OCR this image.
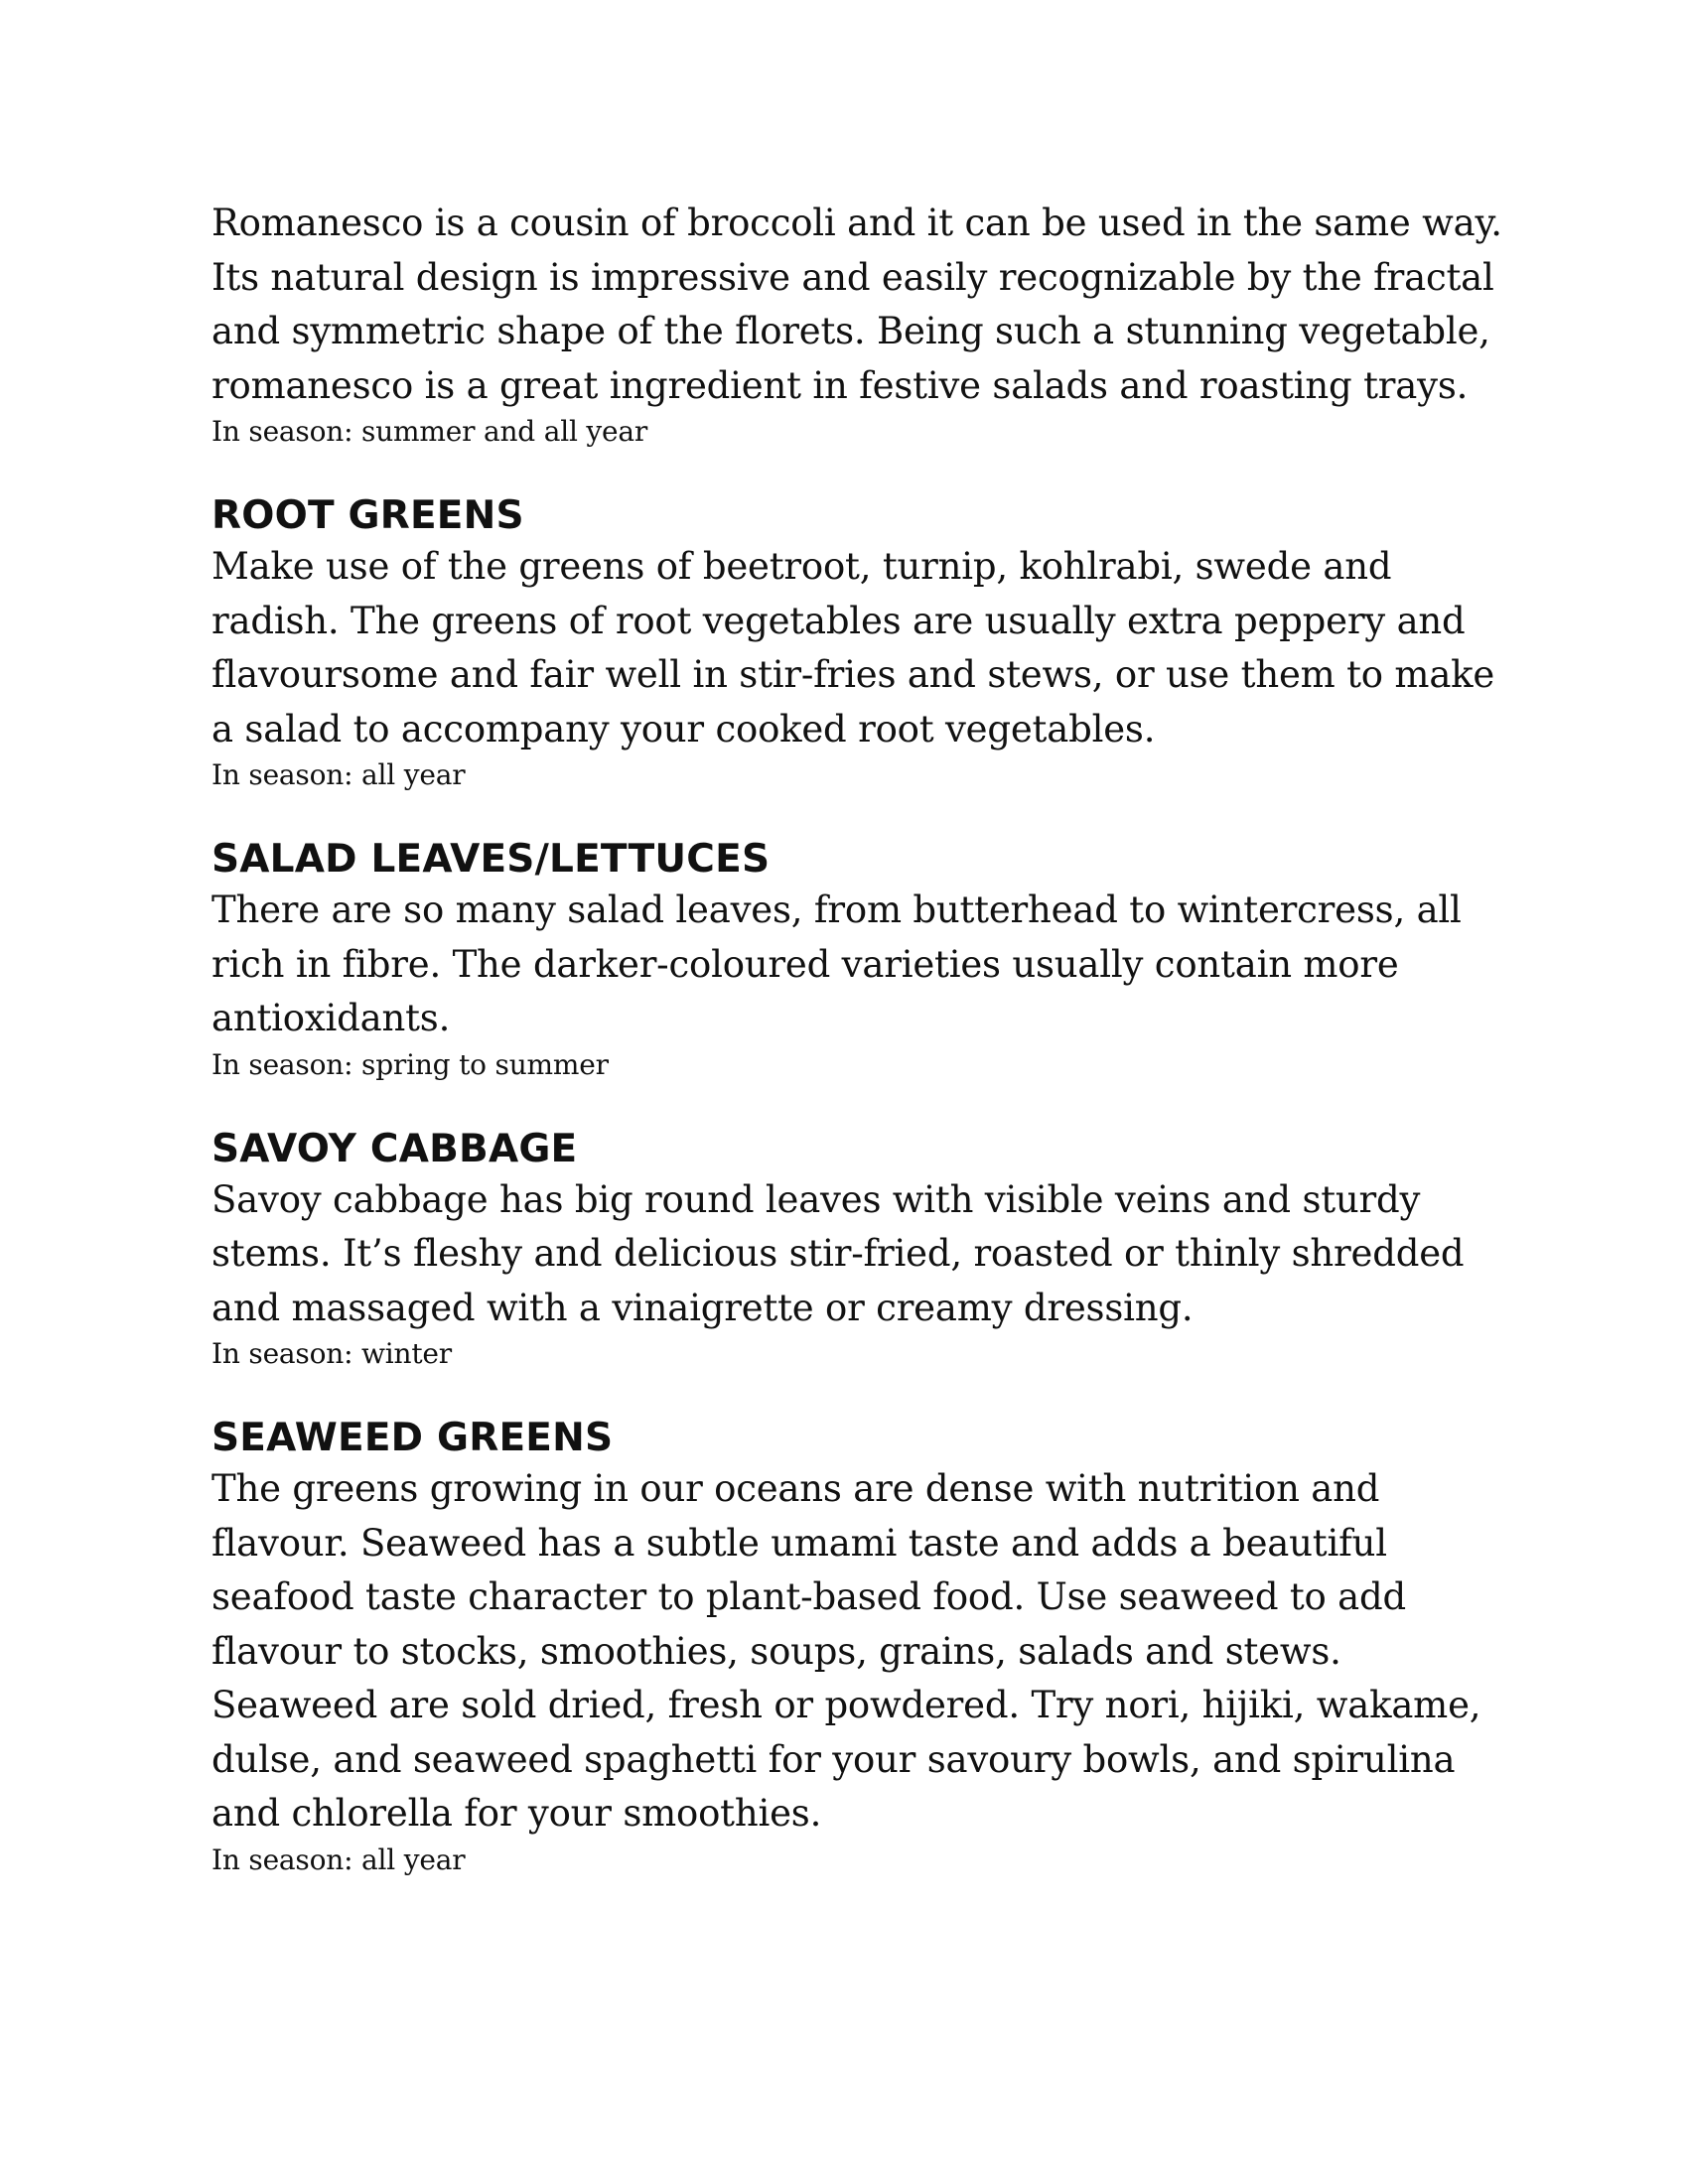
Romanesco is a cousin of broccoli and it can be used in the same way. Its natural design is impressive and easily recognizable by the fractal and symmetric shape of the florets. Being such a stunning vegetable, romanesco is a great ingredient in festive salads and roasting trays.

In season: summer and all year

ROOT GREENS

Make use of the greens of beetroot, turnip, kohlrabi, swede and radish. The greens of root vegetables are usually extra peppery and flavoursome and fair well in stir-fries and stews, or use them to make a salad to accompany your cooked root vegetables.

In season: all year

SALAD LEAVES/LETTUCES

There are so many salad leaves, from butterhead to wintercress, all rich in fibre. The darker-coloured varieties usually contain more antioxidants.

In season: spring to summer

SAVOY CABBAGE

Savoy cabbage has big round leaves with visible veins and sturdy stems. It’s fleshy and delicious stir-fried, roasted or thinly shredded and massaged with a vinaigrette or creamy dressing.

In season: winter

SEAWEED GREENS

The greens growing in our oceans are dense with nutrition and flavour. Seaweed has a subtle umami taste and adds a beautiful seafood taste character to plant-based food. Use seaweed to add flavour to stocks, smoothies, soups, grains, salads and stews. Seaweed are sold dried, fresh or powdered. Try nori, hijiki, wakame, dulse, and seaweed spaghetti for your savoury bowls, and spirulina and chlorella for your smoothies.

In season: all year
